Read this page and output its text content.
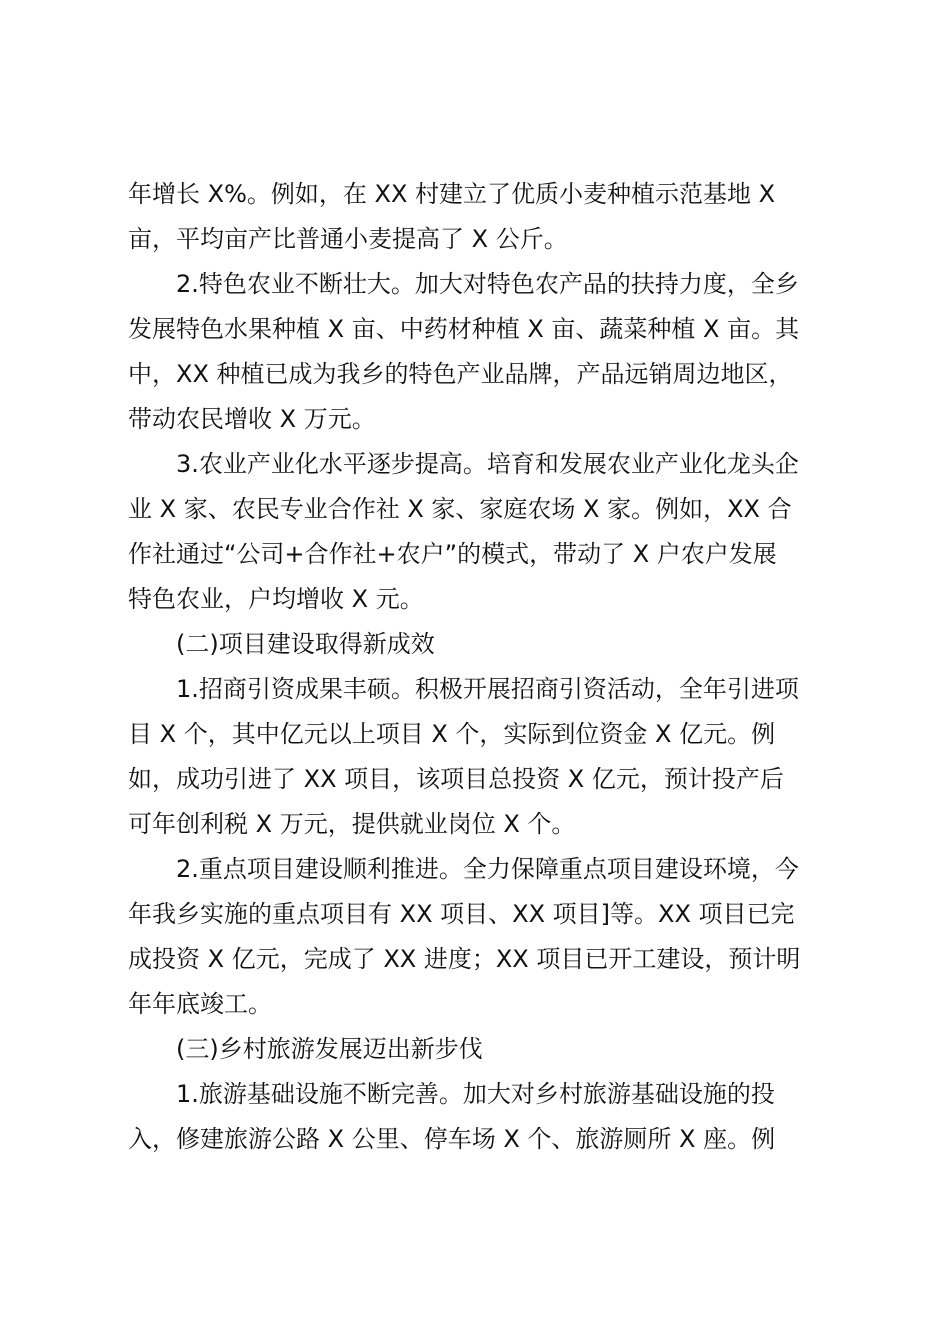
年增长 X%。例如，在 XX 村建立了优质小麦种植示范基地 X
亩，平均亩产比普通小麦提高了 X 公斤。
2.特色农业不断壮大。加大对特色农产品的扶持力度，全乡
发展特色水果种植 X 亩、中药材种植 X 亩、蔬菜种植 X 亩。其
中，XX 种植已成为我乡的特色产业品牌，产品远销周边地区，
带动农民增收 X 万元。
3.农业产业化水平逐步提高。培育和发展农业产业化龙头企
业 X 家、农民专业合作社 X 家、家庭农场 X 家。例如，XX 合
作社通过“公司+合作社+农户”的模式，带动了 X 户农户发展
特色农业，户均增收 X 元。
(二)项目建设取得新成效
1.招商引资成果丰硕。积极开展招商引资活动，全年引进项
目 X 个，其中亿元以上项目 X 个，实际到位资金 X 亿元。例
如，成功引进了 XX 项目，该项目总投资 X 亿元，预计投产后
可年创利税 X 万元，提供就业岗位 X 个。
2.重点项目建设顺利推进。全力保障重点项目建设环境，今
年我乡实施的重点项目有 XX 项目、XX 项目]等。XX 项目已完
成投资 X 亿元，完成了 XX 进度；XX 项目已开工建设，预计明
年年底竣工。
(三)乡村旅游发展迈出新步伐
1.旅游基础设施不断完善。加大对乡村旅游基础设施的投
入，修建旅游公路 X 公里、停车场 X 个、旅游厕所 X 座。例
